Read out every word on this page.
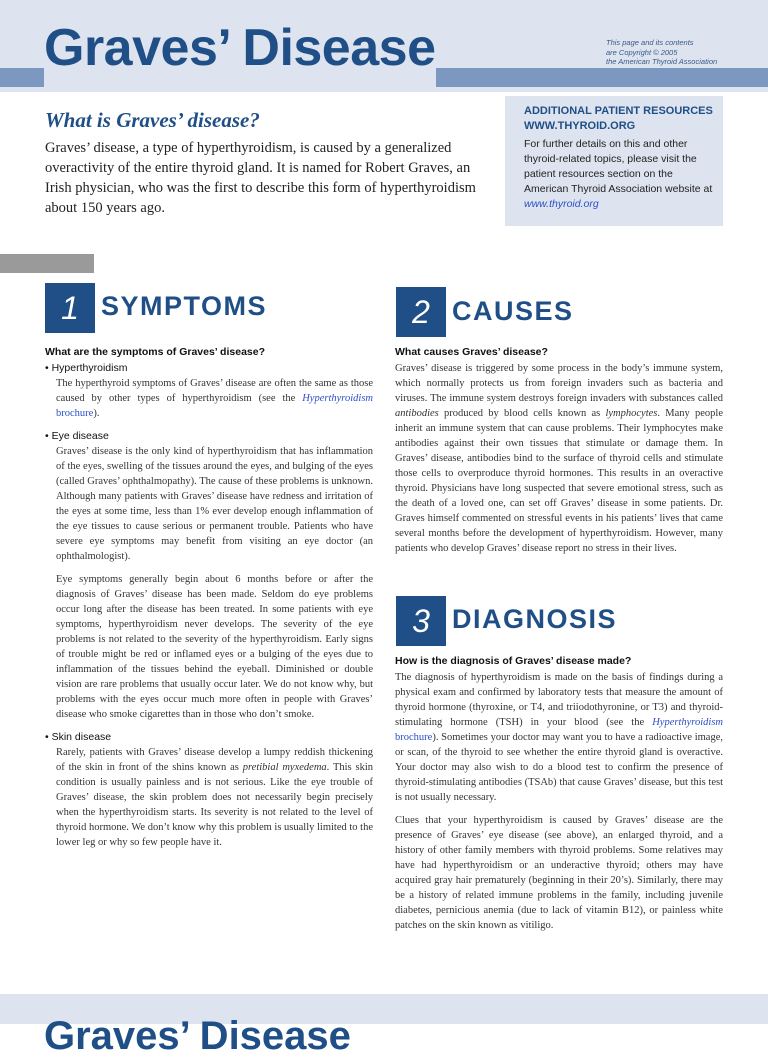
Graves’ Disease	This page and its contents
are Copyright © 2005
the American Thyroid Association
What is Graves’ disease?

Graves’ disease, a type of hyperthyroidism, is caused by a generalized overactivity of the entire thyroid gland. It is named for Robert Graves, an Irish physician, who was the first to describe this form of hyperthyroidism about 150 years ago.

ADDITIONAL PATIENT RESOURCES
WWW.THYROID.ORG
For further details on this and other thyroid-related topics, please visit the patient resources section on the American Thyroid Association website at www.thyroid.org
1 SYMPTOMS
What are the symptoms of Graves’ disease?
• Hyperthyroidism

The hyperthyroid symptoms of Graves’ disease are often the same as those caused by other types of hyperthyroidism (see the Hyperthyroidism brochure).

• Eye disease

Graves’ disease is the only kind of hyperthyroidism that has inflammation of the eyes, swelling of the tissues around the eyes, and bulging of the eyes (called Graves’ ophthalmopathy). The cause of these problems is unknown. Although many patients with Graves’ disease have redness and irritation of the eyes at some time, less than 1% ever develop enough inflammation of the eye tissues to cause serious or permanent trouble. Patients who have severe eye symptoms may benefit from visiting an eye doctor (an ophthalmologist).

Eye symptoms generally begin about 6 months before or after the diagnosis of Graves’ disease has been made. Seldom do eye problems occur long after the disease has been treated. In some patients with eye symptoms, hyperthyroidism never develops. The severity of the eye problems is not related to the severity of the hyperthyroidism. Early signs of trouble might be red or inflamed eyes or a bulging of the eyes due to inflammation of the tissues behind the eyeball. Diminished or double vision are rare problems that usually occur later. We do not know why, but problems with the eyes occur much more often in people with Graves’ disease who smoke cigarettes than in those who don’t smoke.

• Skin disease

Rarely, patients with Graves’ disease develop a lumpy reddish thickening of the skin in front of the shins known as pretibial myxedema. This skin condition is usually painless and is not serious. Like the eye trouble of Graves’ disease, the skin problem does not necessarily begin precisely when the hyperthyroidism starts. Its severity is not related to the level of thyroid hormone. We don’t know why this problem is usually limited to the lower leg or why so few people have it.

2 CAUSES
What causes Graves’ disease?

Graves’ disease is triggered by some process in the body’s immune system, which normally protects us from foreign invaders such as bacteria and viruses. The immune system destroys foreign invaders with substances called antibodies produced by blood cells known as lymphocytes. Many people inherit an immune system that can cause problems. Their lymphocytes make antibodies against their own tissues that stimulate or damage them. In Graves’ disease, antibodies bind to the surface of thyroid cells and stimulate those cells to overproduce thyroid hormones. This results in an overactive thyroid. Physicians have long suspected that severe emotional stress, such as the death of a loved one, can set off Graves’ disease in some patients. Dr. Graves himself commented on stressful events in his patients’ lives that came several months before the development of hyperthyroidism. However, many patients who develop Graves’ disease report no stress in their lives.

3 DIAGNOSIS
How is the diagnosis of Graves’ disease made?

The diagnosis of hyperthyroidism is made on the basis of findings during a physical exam and confirmed by laboratory tests that measure the amount of thyroid hormone (thyroxine, or T4, and triiodothyronine, or T3) and thyroid-stimulating hormone (TSH) in your blood (see the Hyperthyroidism brochure). Sometimes your doctor may want you to have a radioactive image, or scan, of the thyroid to see whether the entire thyroid gland is overactive. Your doctor may also wish to do a blood test to confirm the presence of thyroid-stimulating antibodies (TSAb) that cause Graves’ disease, but this test is not usually necessary.

Clues that your hyperthyroidism is caused by Graves’ disease are the presence of Graves’ eye disease (see above), an enlarged thyroid, and a history of other family members with thyroid problems. Some relatives may have had hyperthyroidism or an underactive thyroid; others may have acquired gray hair prematurely (beginning in their 20’s). Similarly, there may be a history of related immune problems in the family, including juvenile diabetes, pernicious anemia (due to lack of vitamin B12), or painless white patches on the skin known as vitiligo.

Graves’ Disease
